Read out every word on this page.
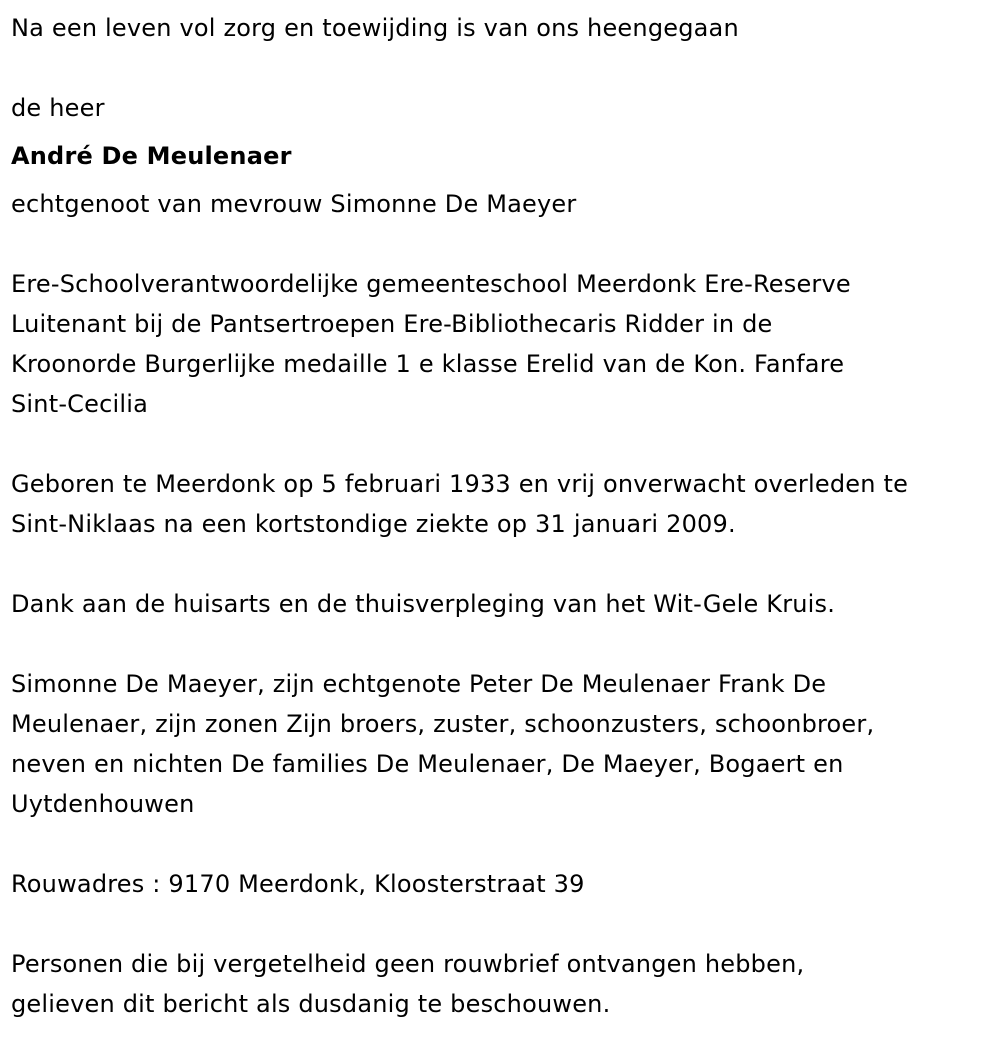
Na een leven vol zorg en toewijding is van ons heengegaan

de heer

André De Meulenaer

echtgenoot van mevrouw Simonne De Maeyer

Ere-Schoolverantwoordelijke gemeenteschool Meerdonk Ere-Reserve
Luitenant bij de Pantsertroepen Ere-Bibliothecaris Ridder in de
Kroonorde Burgerlijke medaille 1 e klasse Erelid van de Kon. Fanfare
Sint-Cecilia

Geboren te Meerdonk op 5 februari 1933 en vrij onverwacht overleden te
Sint-Niklaas na een kortstondige ziekte op 31 januari 2009.

Dank aan de huisarts en de thuisverpleging van het Wit-Gele Kruis.

Simonne De Maeyer, zijn echtgenote Peter De Meulenaer Frank De
Meulenaer, zijn zonen Zijn broers, zuster, schoonzusters, schoonbroer,
neven en nichten De families De Meulenaer, De Maeyer, Bogaert en
Uytdenhouwen

Rouwadres : 9170 Meerdonk, Kloosterstraat 39

Personen die bij vergetelheid geen rouwbrief ontvangen hebben,
gelieven dit bericht als dusdanig te beschouwen.
